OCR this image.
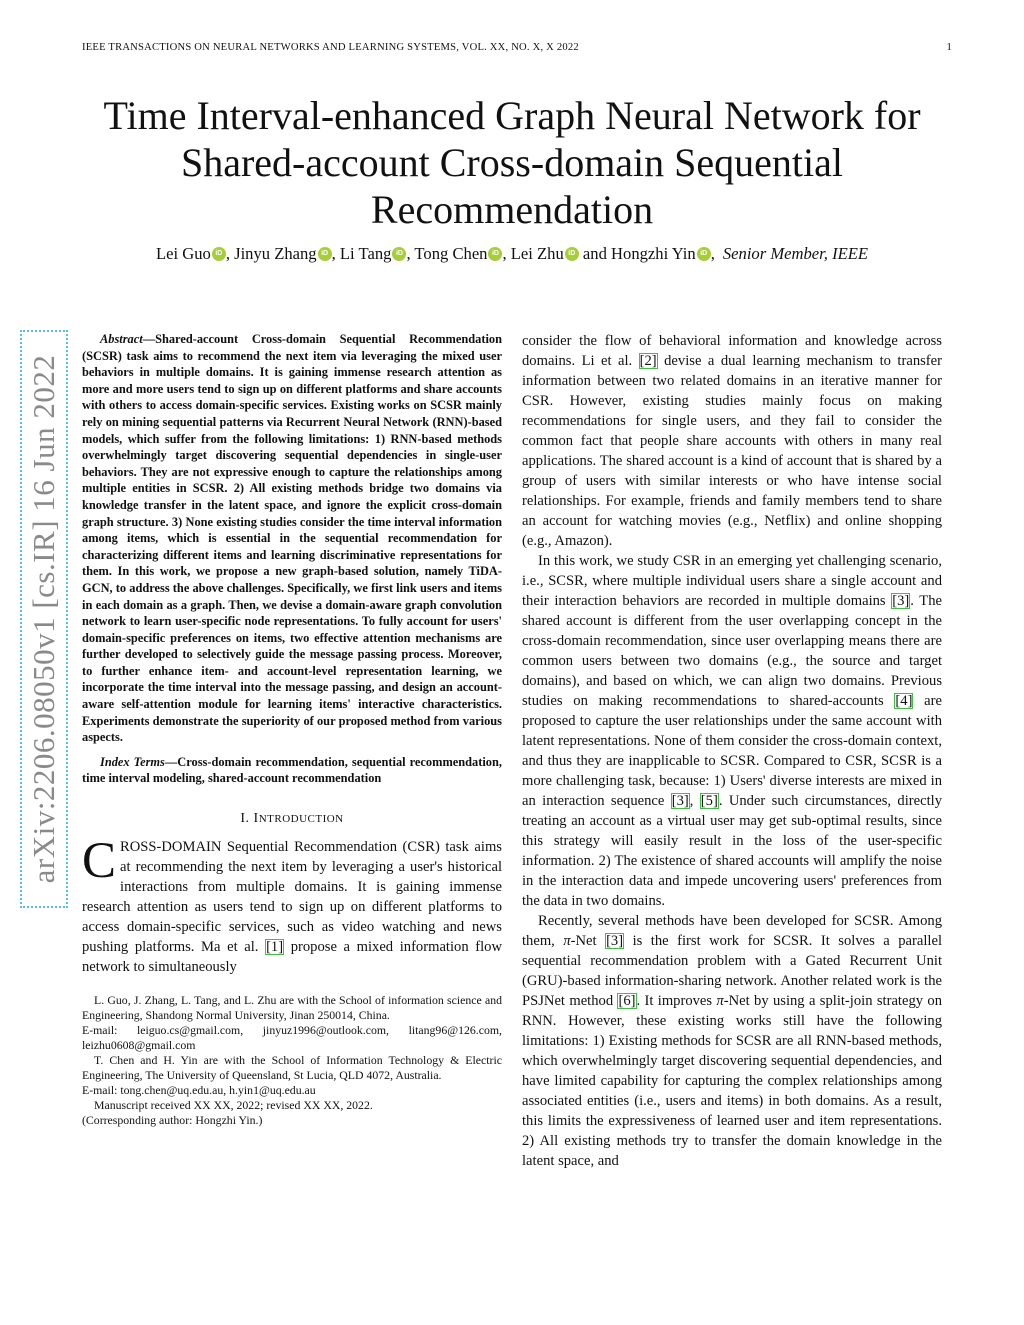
IEEE TRANSACTIONS ON NEURAL NETWORKS AND LEARNING SYSTEMS, VOL. XX, NO. X, X 2022	1
Time Interval-enhanced Graph Neural Network for
Shared-account Cross-domain Sequential
Recommendation
Lei Guo iD , Jinyu Zhang iD , Li Tang iD , Tong Chen iD , Lei Zhu iD and Hongzhi Yin iD , Senior Member, IEEE
arXiv:2206.08050v1 [cs.IR] 16 Jun 2022

Abstract—Shared-account Cross-domain Sequential Recommendation (SCSR) task aims to recommend the next item via leveraging the mixed user behaviors in multiple domains. It is gaining immense research attention as more and more users tend to sign up on different platforms and share accounts with others to access domain-specific services. Existing works on SCSR mainly rely on mining sequential patterns via Recurrent Neural Network (RNN)-based models, which suffer from the following limitations: 1) RNN-based methods overwhelmingly target discovering sequential dependencies in single-user behaviors. They are not expressive enough to capture the relationships among multiple entities in SCSR. 2) All existing methods bridge two domains via knowledge transfer in the latent space, and ignore the explicit cross-domain graph structure. 3) None existing studies consider the time interval information among items, which is essential in the sequential recommendation for characterizing different items and learning discriminative representations for them. In this work, we propose a new graph-based solution, namely TiDA-GCN, to address the above challenges. Specifically, we first link users and items in each domain as a graph. Then, we devise a domain-aware graph convolution network to learn user-specific node representations. To fully account for users' domain-specific preferences on items, two effective attention mechanisms are further developed to selectively guide the message passing process. Moreover, to further enhance item- and account-level representation learning, we incorporate the time interval into the message passing, and design an account-aware self-attention module for learning items' interactive characteristics. Experiments demonstrate the superiority of our proposed method from various aspects.

Index Terms—Cross-domain recommendation, sequential recommendation, time interval modeling, shared-account recommendation

I. INTRODUCTION

CROSS-DOMAIN Sequential Recommendation (CSR) task aims at recommending the next item by leveraging a user's historical interactions from multiple domains. It is gaining immense research attention as users tend to sign up on different platforms to access domain-specific services, such as video watching and news pushing platforms. Ma et al. [1] propose a mixed information flow network to simultaneously

L. Guo, J. Zhang, L. Tang, and L. Zhu are with the School of information science and Engineering, Shandong Normal University, Jinan 250014, China.

E-mail: leiguo.cs@gmail.com, jinyuz1996@outlook.com, litang96@126.com, leizhu0608@gmail.com

T. Chen and H. Yin are with the School of Information Technology & Electric Engineering, The University of Queensland, St Lucia, QLD 4072, Australia.

E-mail: tong.chen@uq.edu.au, h.yin1@uq.edu.au

Manuscript received XX XX, 2022; revised XX XX, 2022.

(Corresponding author: Hongzhi Yin.)

consider the flow of behavioral information and knowledge across domains. Li et al. [2] devise a dual learning mechanism to transfer information between two related domains in an iterative manner for CSR. However, existing studies mainly focus on making recommendations for single users, and they fail to consider the common fact that people share accounts with others in many real applications. The shared account is a kind of account that is shared by a group of users with similar interests or who have intense social relationships. For example, friends and family members tend to share an account for watching movies (e.g., Netflix) and online shopping (e.g., Amazon).

In this work, we study CSR in an emerging yet challenging scenario, i.e., SCSR, where multiple individual users share a single account and their interaction behaviors are recorded in multiple domains [3]. The shared account is different from the user overlapping concept in the cross-domain recommendation, since user overlapping means there are common users between two domains (e.g., the source and target domains), and based on which, we can align two domains. Previous studies on making recommendations to shared-accounts [4] are proposed to capture the user relationships under the same account with latent representations. None of them consider the cross-domain context, and thus they are inapplicable to SCSR. Compared to CSR, SCSR is a more challenging task, because: 1) Users' diverse interests are mixed in an interaction sequence [3], [5]. Under such circumstances, directly treating an account as a virtual user may get sub-optimal results, since this strategy will easily result in the loss of the user-specific information. 2) The existence of shared accounts will amplify the noise in the interaction data and impede uncovering users' preferences from the data in two domains.

Recently, several methods have been developed for SCSR. Among them, π-Net [3] is the first work for SCSR. It solves a parallel sequential recommendation problem with a Gated Recurrent Unit (GRU)-based information-sharing network. Another related work is the PSJNet method [6]. It improves π-Net by using a split-join strategy on RNN. However, these existing works still have the following limitations: 1) Existing methods for SCSR are all RNN-based methods, which overwhelmingly target discovering sequential dependencies, and have limited capability for capturing the complex relationships among associated entities (i.e., users and items) in both domains. As a result, this limits the expressiveness of learned user and item representations. 2) All existing methods try to transfer the domain knowledge in the latent space, and
